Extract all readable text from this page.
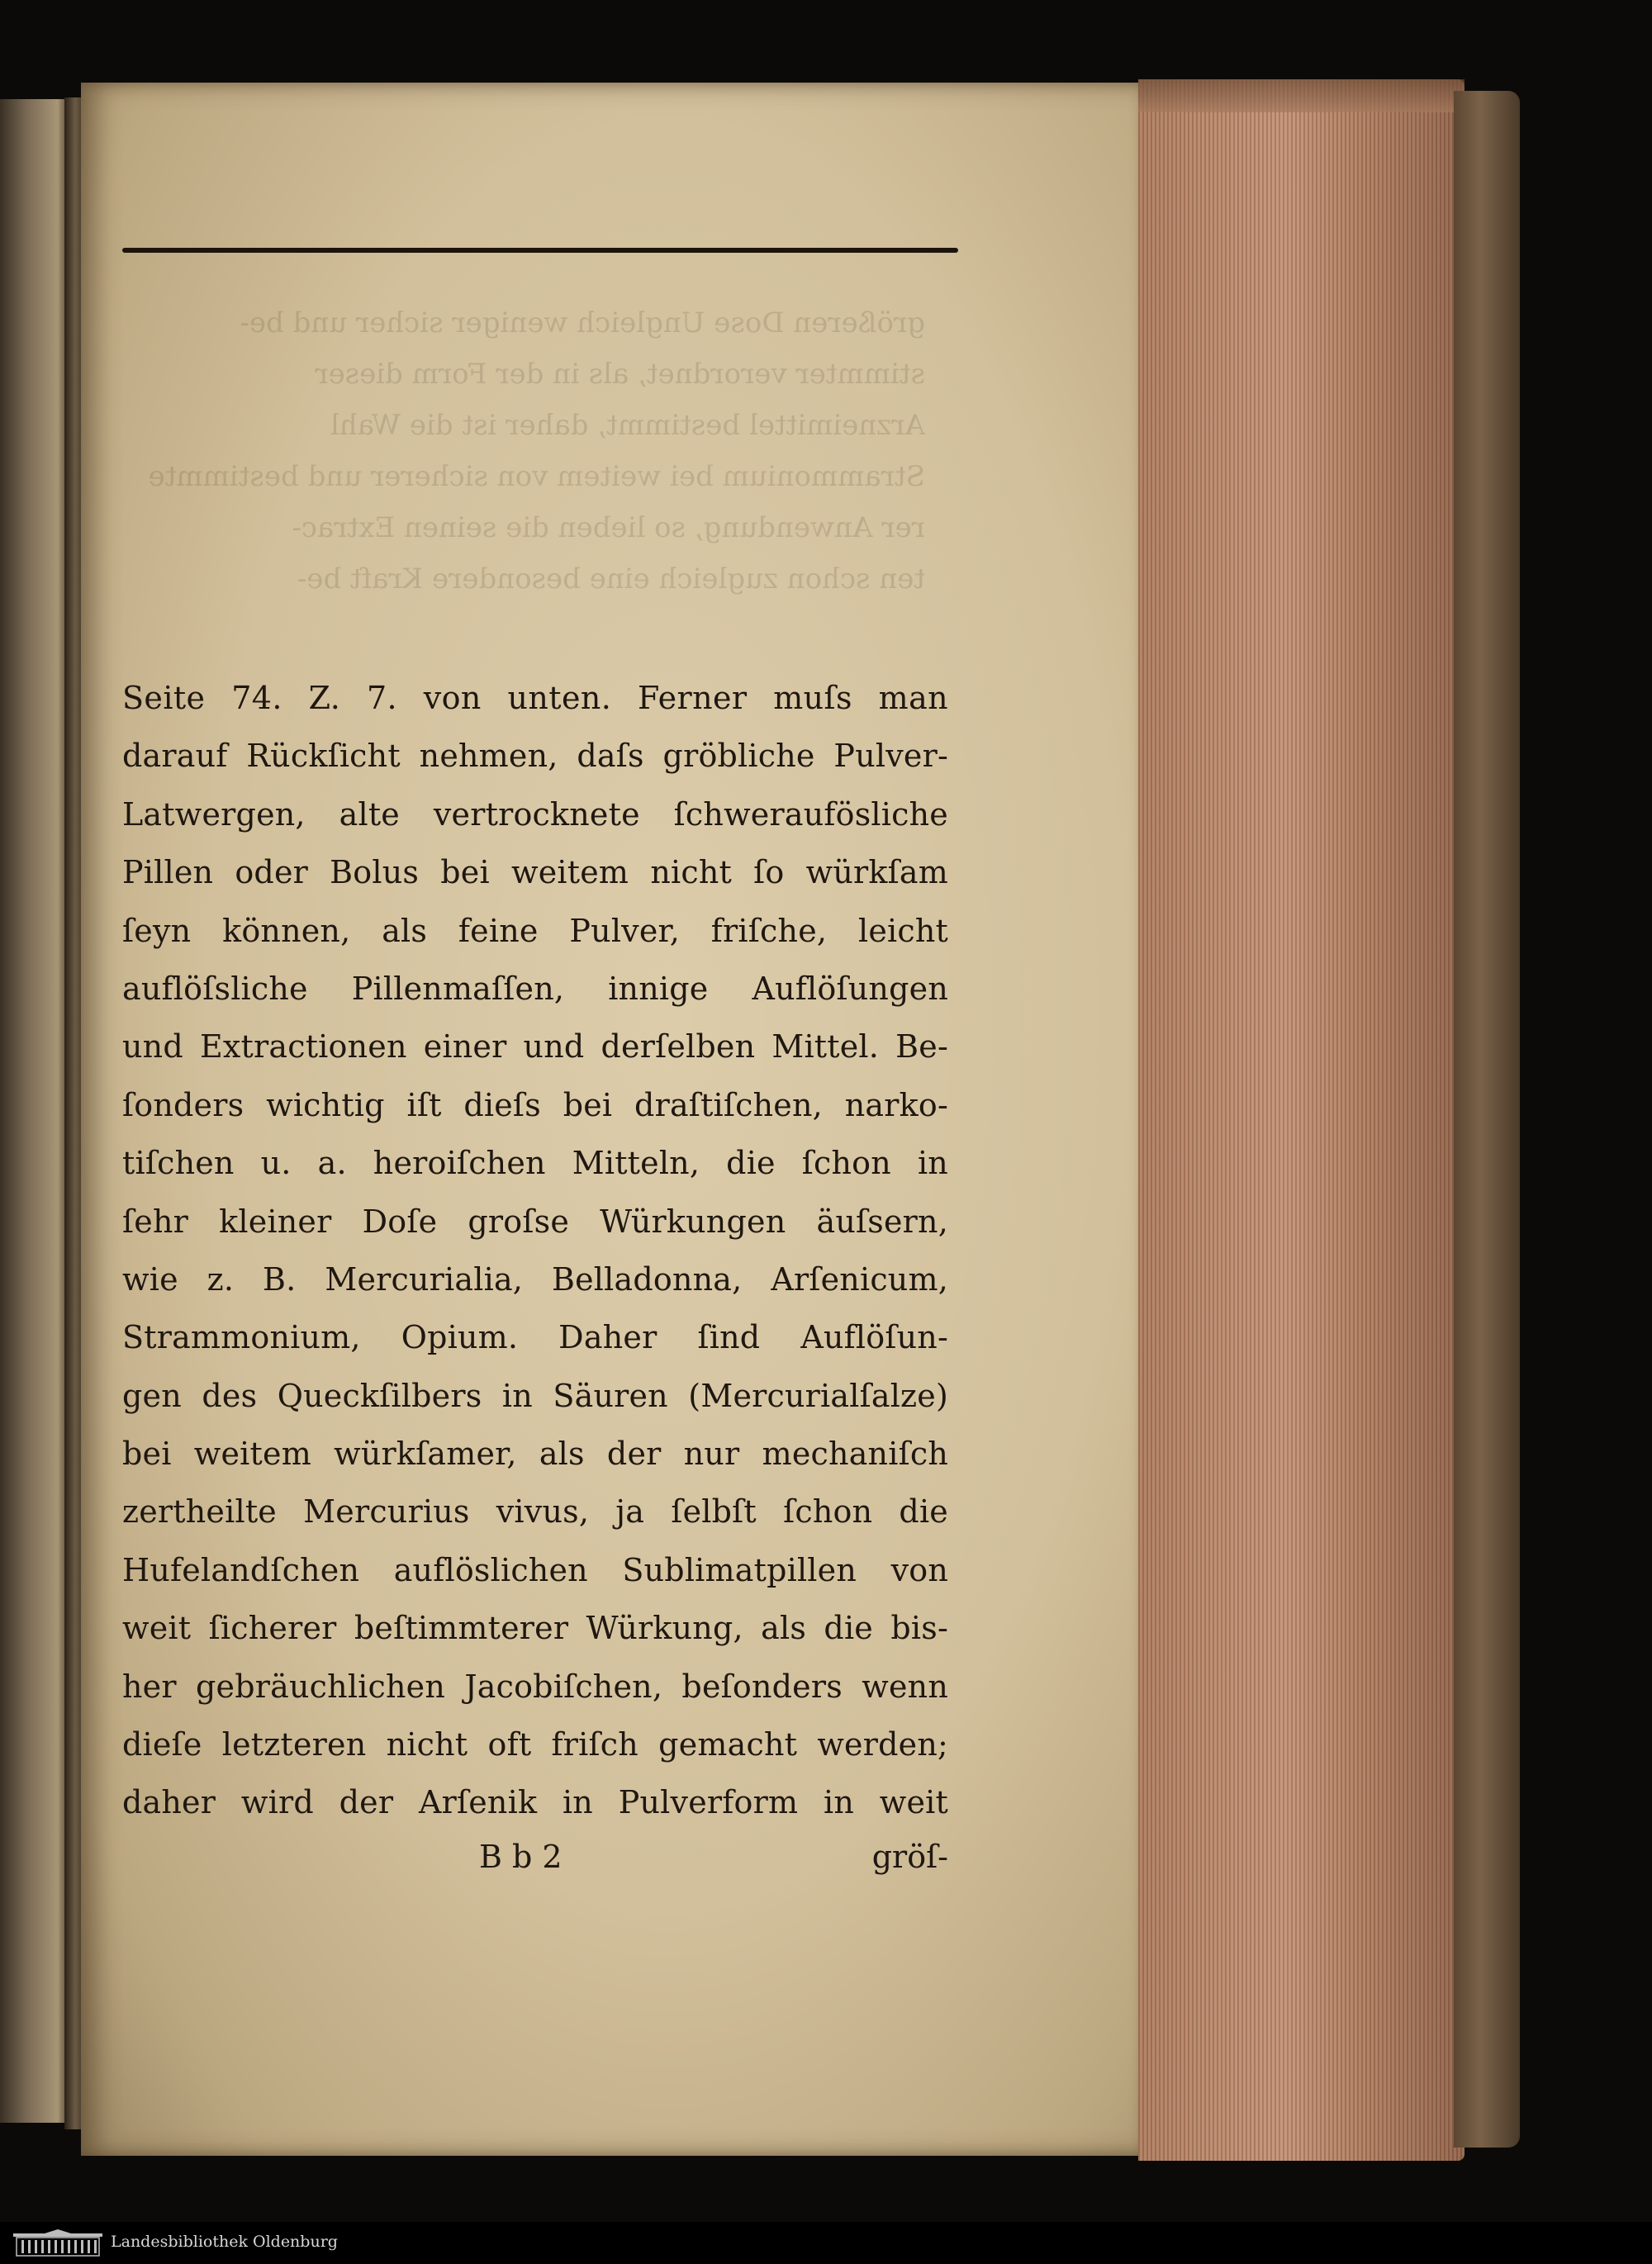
größeren Dose Ungleich weniger sicher und be-
stimmter verordnet, als in der Form dieser
Arzneimittel bestimmt, daher ist die Wahl
Strammonium bei weitem von sicherer und bestimmte
rer Anwendung, so lieben die seinen Extrac-
ten schon zugleich eine besondere Kraft be-
Seite 74. Z. 7. von unten. Ferner muſs man
darauf Rückſicht nehmen, daſs gröbliche Pulver-
Latwergen, alte vertrocknete ſchweraufösliche
Pillen oder Bolus bei weitem nicht ſo würkſam
ſeyn können, als feine Pulver, friſche, leicht
auflöſsliche Pillenmaſſen, innige Auflöſungen
und Extractionen einer und derſelben Mittel. Be-
ſonders wichtig iſt dieſs bei draſtiſchen, narko-
tiſchen u. a. heroiſchen Mitteln, die ſchon in
ſehr kleiner Doſe groſse Würkungen äuſsern,
wie z. B. Mercurialia, Belladonna, Arſenicum,
Strammonium, Opium. Daher ſind Auflöſun-
gen des Queckſilbers in Säuren (Mercurialſalze)
bei weitem würkſamer, als der nur mechaniſch
zertheilte Mercurius vivus, ja ſelbſt ſchon die
Hufelandſchen auflöslichen Sublimatpillen von
weit ſicherer beſtimmterer Würkung, als die bis-
her gebräuchlichen Jacobiſchen, beſonders wenn
dieſe letzteren nicht oft friſch gemacht werden;
daher wird der Arſenik in Pulverform in weit
B b 2	gröſ-
Landesbibliothek Oldenburg
